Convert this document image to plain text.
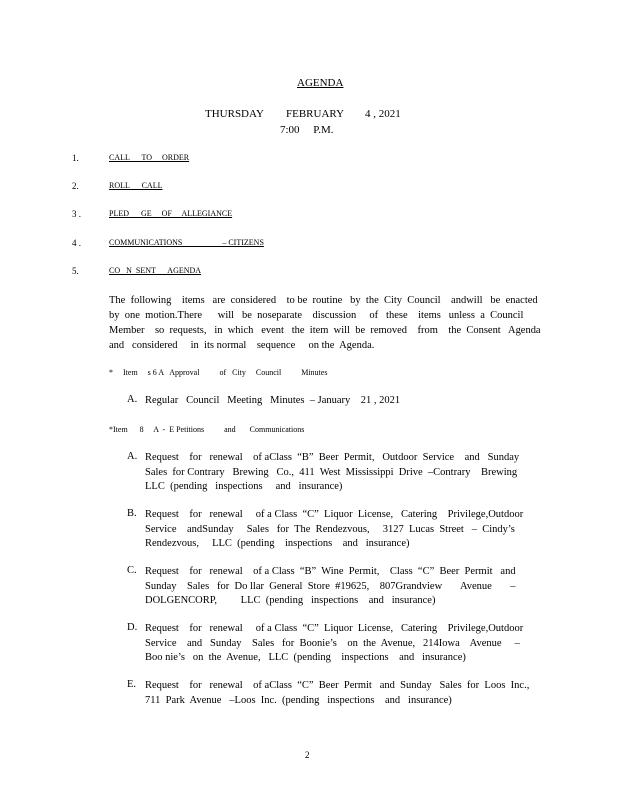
AGENDA
THURSDAY FEBRUARY 4 , 2021
7:00     P.M.
1.	CALL      TO     ORDER
2.	ROLL      CALL
3 .	PLED      GE     OF     ALLEGIANCE
4 .	COMMUNICATIONS                    – CITIZENS
5.	CO   N  SENT      AGENDA
The  following    items   are  considered    to be  routine   by  the  City  Council    andwill   be  enacted
by  one  motion.There      will   be  noseparate    discussion     of   these    items   unless  a  Council
Member    so  requests,   in  which   event   the  item  will  be  removed    from    the  Consent   Agenda
and   considered     in  its normal    sequence     on the  Agenda.
*     Item     s 6 A   Approval          of   City     Council          Minutes
A. Regular   Council   Meeting   Minutes  – January    21 , 2021
*Item      8     A  -  E Petitions          and       Communications
A. Request    for   renewal    of aClass  “B”  Beer  Permit,   Outdoor  Service    and   Sunday
Sales  for Contrary   Brewing   Co.,  411  West  Mississippi  Drive  –Contrary    Brewing
LLC  (pending   inspections     and   insurance)
B. Request    for   renewal     of a Class  “C”  Liquor  License,   Catering    Privilege,Outdoor
Service    andSunday     Sales   for  The  Rendezvous,     3127  Lucas  Street   –  Cindy’s
Rendezvous,     LLC  (pending    inspections    and   insurance)
C. Request    for   renewal    of a Class  “B”  Wine  Permit,    Class  “C”  Beer  Permit   and
Sunday    Sales   for  Do llar  General  Store  #19625,    807Grandview       Avenue       –
DOLGENCORP,         LLC  (pending   inspections    and   insurance)
D. Request    for   renewal     of a Class  “C”  Liquor  License,   Catering    Privilege,Outdoor
Service    and   Sunday    Sales   for  Boonie’s    on  the  Avenue,   214Iowa    Avenue     –
Boo nie’s   on  the  Avenue,   LLC  (pending    inspections    and   insurance)
E. Request    for   renewal    of aClass  “C”  Beer  Permit   and  Sunday   Sales  for  Loos  Inc.,
711  Park  Avenue   –Loos  Inc.  (pending   inspections    and   insurance)
2
